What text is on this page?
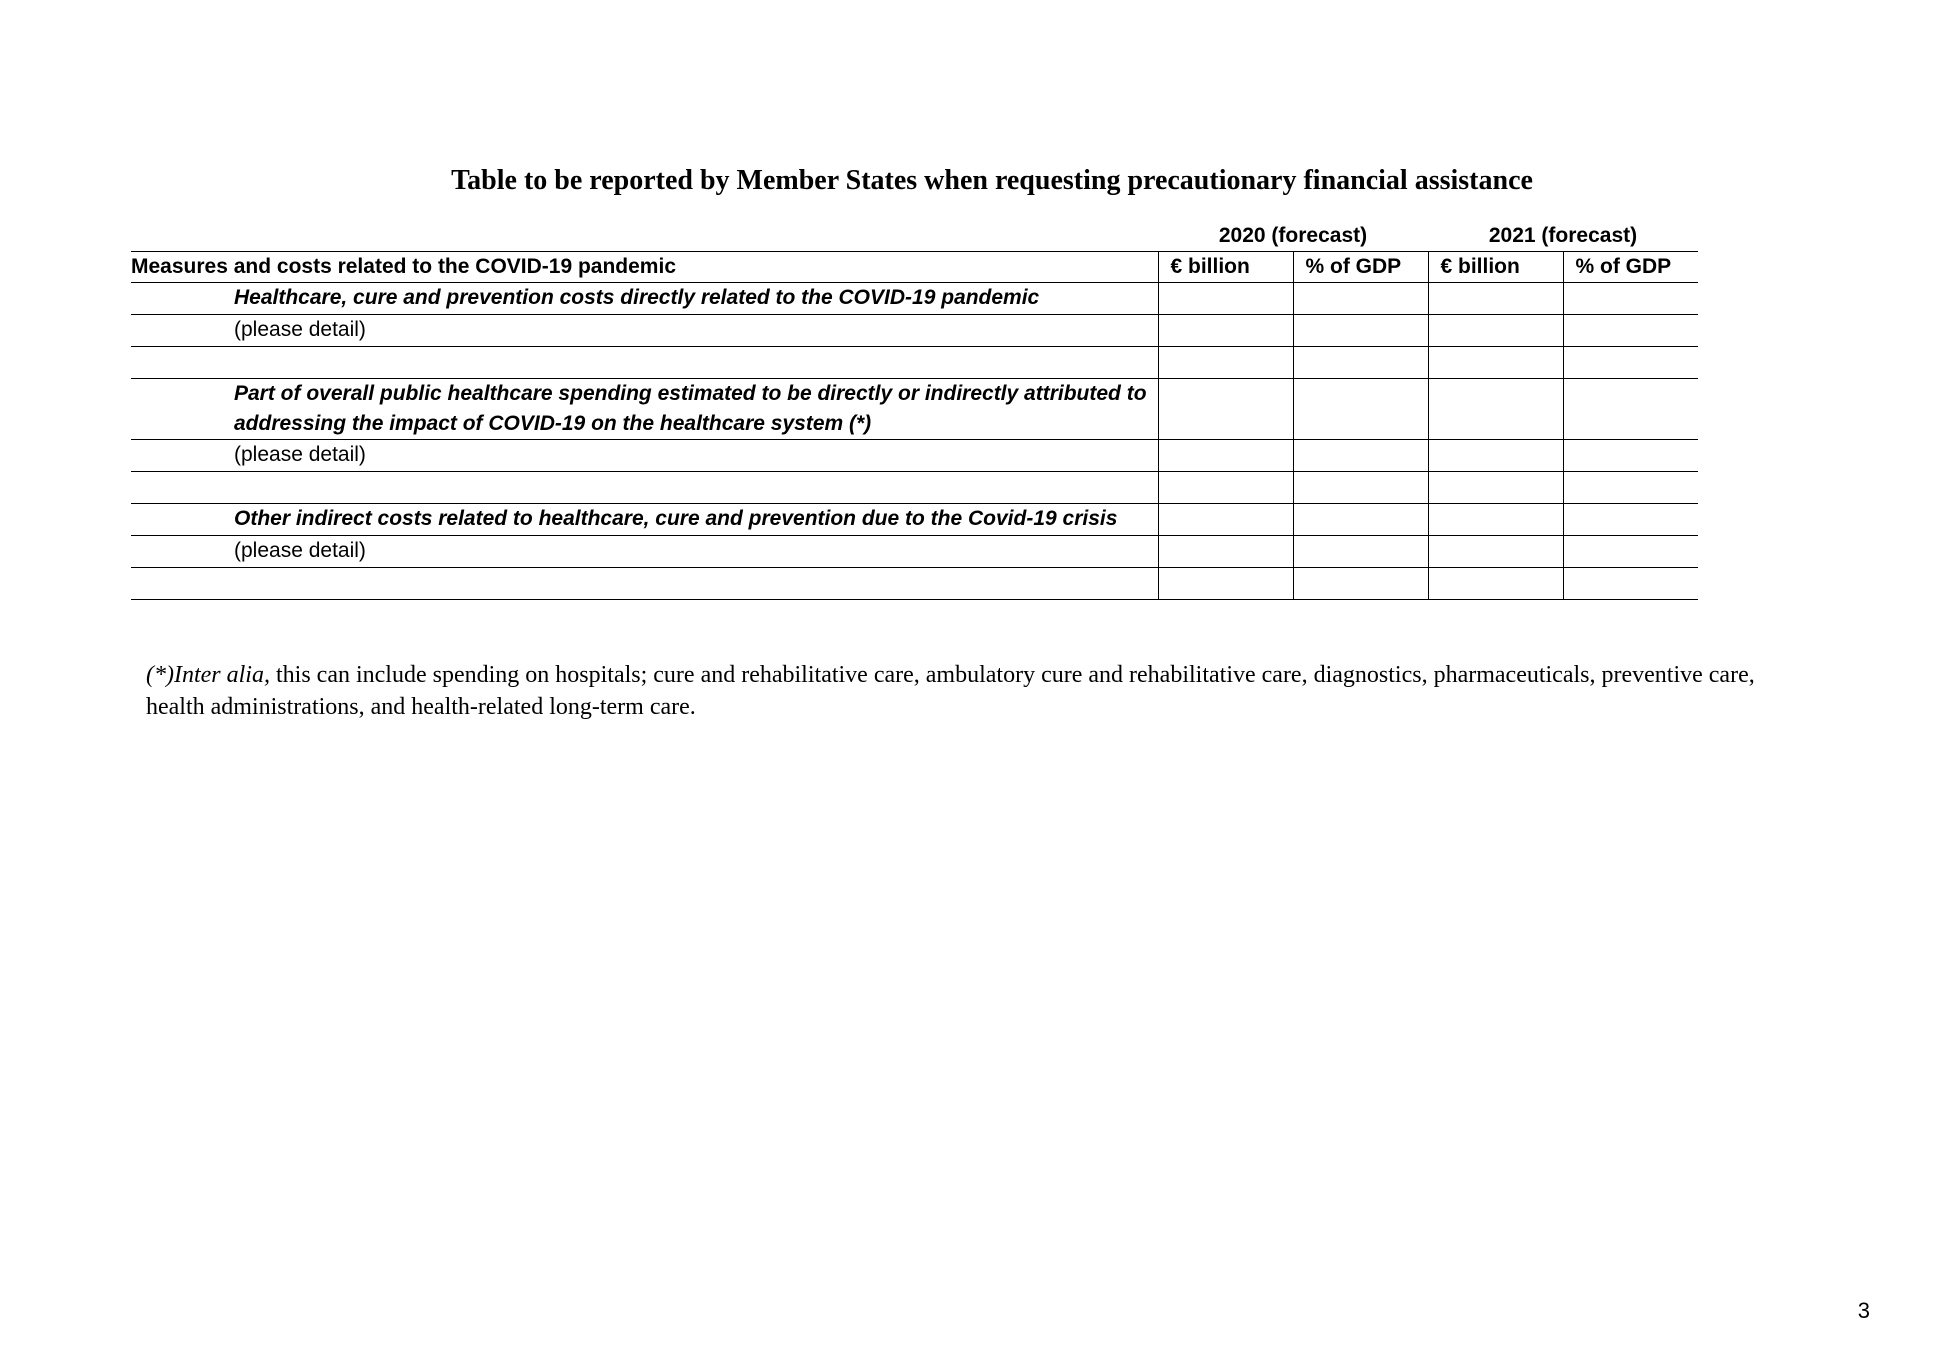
Table to be reported by Member States when requesting precautionary financial assistance
2020 (forecast)	2021 (forecast)
Measures and costs related to the COVID-19 pandemic	€ billion	% of GDP	€ billion	% of GDP
Healthcare, cure and prevention costs directly related to the COVID-19 pandemic				
(please detail)				

Part of overall public healthcare spending estimated to be directly or indirectly attributed to addressing the impact of COVID-19 on the healthcare system (*)				
(please detail)				

Other indirect costs related to healthcare, cure and prevention due to the Covid-19 crisis				
(please detail)				

(*)Inter alia, this can include spending on hospitals; cure and rehabilitative care, ambulatory cure and rehabilitative care, diagnostics, pharmaceuticals, preventive care, health administrations, and health-related long-term care.

3
